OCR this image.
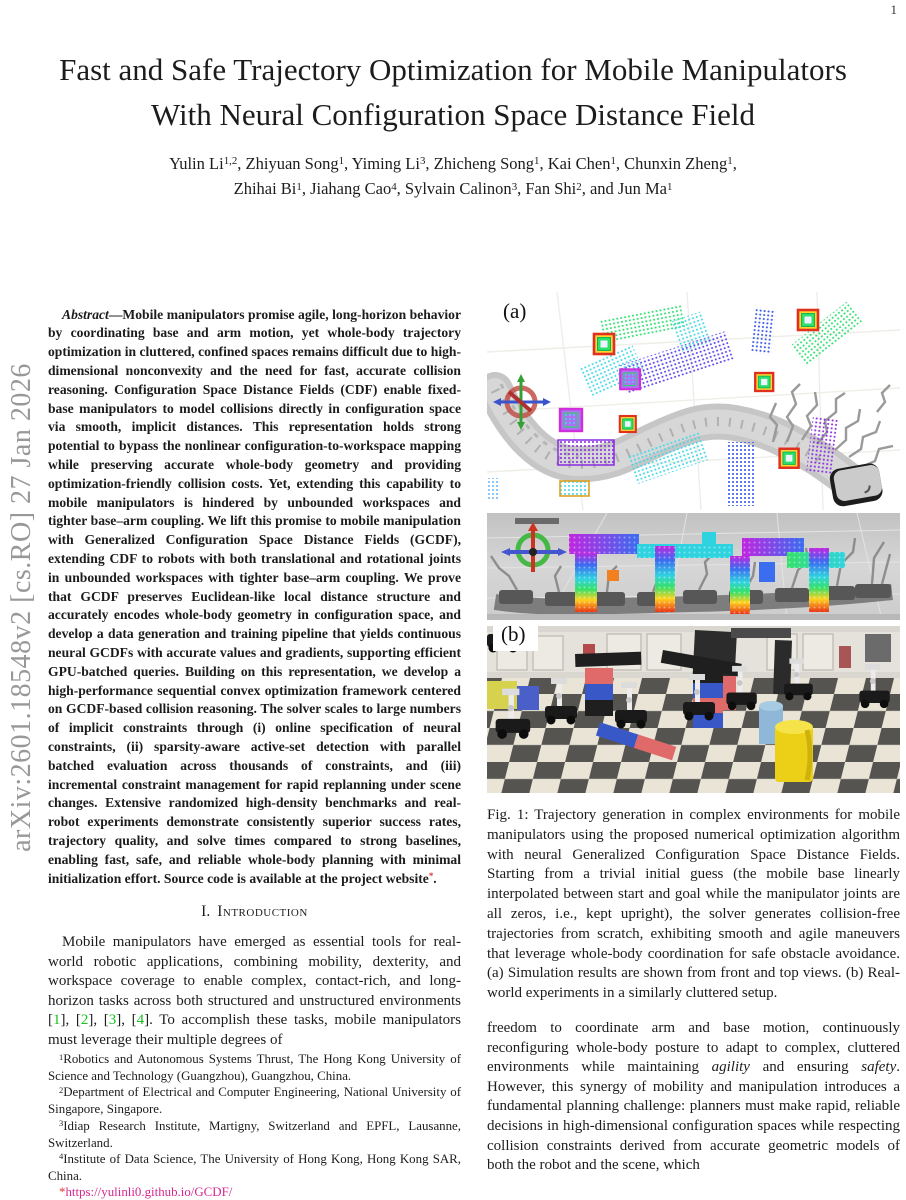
1
arXiv:2601.18548v2 [cs.RO] 27 Jan 2026
Fast and Safe Trajectory Optimization for Mobile Manipulators With Neural Configuration Space Distance Field
Yulin Li$^{1,2}$, Zhiyuan Song$^1$, Yiming Li$^3$, Zhicheng Song$^1$, Kai Chen$^1$, Chunxin Zheng$^1$,
Zhihai Bi$^1$, Jiahang Cao$^4$, Sylvain Calinon$^3$, Fan Shi$^2$, and Jun Ma$^1$

Abstract—Mobile manipulators promise agile, long-horizon behavior by coordinating base and arm motion, yet whole-body trajectory optimization in cluttered, confined spaces remains difficult due to high-dimensional nonconvexity and the need for fast, accurate collision reasoning. Configuration Space Distance Fields (CDF) enable fixed-base manipulators to model collisions directly in configuration space via smooth, implicit distances. This representation holds strong potential to bypass the nonlinear configuration-to-workspace mapping while preserving accurate whole-body geometry and providing optimization-friendly collision costs. Yet, extending this capability to mobile manipulators is hindered by unbounded workspaces and tighter base–arm coupling. We lift this promise to mobile manipulation with Generalized Configuration Space Distance Fields (GCDF), extending CDF to robots with both translational and rotational joints in unbounded workspaces with tighter base–arm coupling. We prove that GCDF preserves Euclidean-like local distance structure and accurately encodes whole-body geometry in configuration space, and develop a data generation and training pipeline that yields continuous neural GCDFs with accurate values and gradients, supporting efficient GPU-batched queries. Building on this representation, we develop a high-performance sequential convex optimization framework centered on GCDF-based collision reasoning. The solver scales to large numbers of implicit constraints through (i) online specification of neural constraints, (ii) sparsity-aware active-set detection with parallel batched evaluation across thousands of constraints, and (iii) incremental constraint management for rapid replanning under scene changes. Extensive randomized high-density benchmarks and real-robot experiments demonstrate consistently superior success rates, trajectory quality, and solve times compared to strong baselines, enabling fast, safe, and reliable whole-body planning with minimal initialization effort. Source code is available at the project website*.

I. Introduction

Mobile manipulators have emerged as essential tools for real-world robotic applications, combining mobility, dexterity, and workspace coverage to enable complex, contact-rich, and long-horizon tasks across both structured and unstructured environments [1], [2], [3], [4]. To accomplish these tasks, mobile manipulators must leverage their multiple degrees of

$^1$Robotics and Autonomous Systems Thrust, The Hong Kong University of Science and Technology (Guangzhou), Guangzhou, China.

$^2$Department of Electrical and Computer Engineering, National University of Singapore, Singapore.

$^3$Idiap Research Institute, Martigny, Switzerland and EPFL, Lausanne, Switzerland.

$^4$Institute of Data Science, The University of Hong Kong, Hong Kong SAR, China.

*https://yulinli0.github.io/GCDF/

(a)
(b)

Fig. 1: Trajectory generation in complex environments for mobile manipulators using the proposed numerical optimization algorithm with neural Generalized Configuration Space Distance Fields. Starting from a trivial initial guess (the mobile base linearly interpolated between start and goal while the manipulator joints are all zeros, i.e., kept upright), the solver generates collision-free trajectories from scratch, exhibiting smooth and agile maneuvers that leverage whole-body coordination for safe obstacle avoidance. (a) Simulation results are shown from front and top views. (b) Real-world experiments in a similarly cluttered setup.

freedom to coordinate arm and base motion, continuously reconfiguring whole-body posture to adapt to complex, cluttered environments while maintaining agility and ensuring safety. However, this synergy of mobility and manipulation introduces a fundamental planning challenge: planners must make rapid, reliable decisions in high-dimensional configuration spaces while respecting collision constraints derived from accurate geometric models of both the robot and the scene, which
